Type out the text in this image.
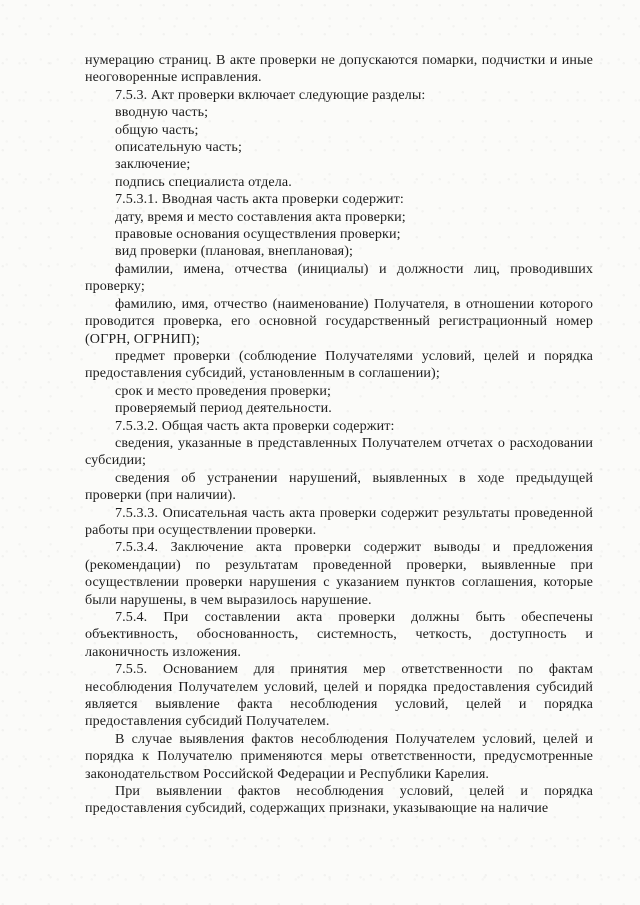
нумерацию страниц. В акте проверки не допускаются помарки, подчистки и иные неоговоренные исправления.

7.5.3. Акт проверки включает следующие разделы:

вводную часть;

общую часть;

описательную часть;

заключение;

подпись специалиста отдела.

7.5.3.1. Вводная часть акта проверки содержит:

дату, время и место составления акта проверки;

правовые основания осуществления проверки;

вид проверки (плановая, внеплановая);

фамилии, имена, отчества (инициалы) и должности лиц, проводивших проверку;

фамилию, имя, отчество (наименование) Получателя, в отношении которого проводится проверка, его основной государственный регистрационный номер (ОГРН, ОГРНИП);

предмет проверки (соблюдение Получателями условий, целей и порядка предоставления субсидий, установленным в соглашении);

срок и место проведения проверки;

проверяемый период деятельности.

7.5.3.2. Общая часть акта проверки содержит:

сведения, указанные в представленных Получателем отчетах о расходовании субсидии;

сведения об устранении нарушений, выявленных в ходе предыдущей проверки (при наличии).

7.5.3.3. Описательная часть акта проверки содержит результаты проведенной работы при осуществлении проверки.

7.5.3.4. Заключение акта проверки содержит выводы и предложения (рекомендации) по результатам проведенной проверки, выявленные при осуществлении проверки нарушения с указанием пунктов соглашения, которые были нарушены, в чем выразилось нарушение.

7.5.4. При составлении акта проверки должны быть обеспечены объективность, обоснованность, системность, четкость, доступность и лаконичность изложения.

7.5.5. Основанием для принятия мер ответственности по фактам несоблюдения Получателем условий, целей и порядка предоставления субсидий является выявление факта несоблюдения условий, целей и порядка предоставления субсидий Получателем.

В случае выявления фактов несоблюдения Получателем условий, целей и порядка к Получателю применяются меры ответственности, предусмотренные законодательством Российской Федерации и Республики Карелия.

При выявлении фактов несоблюдения условий, целей и порядка предоставления субсидий, содержащих признаки, указывающие на наличие
